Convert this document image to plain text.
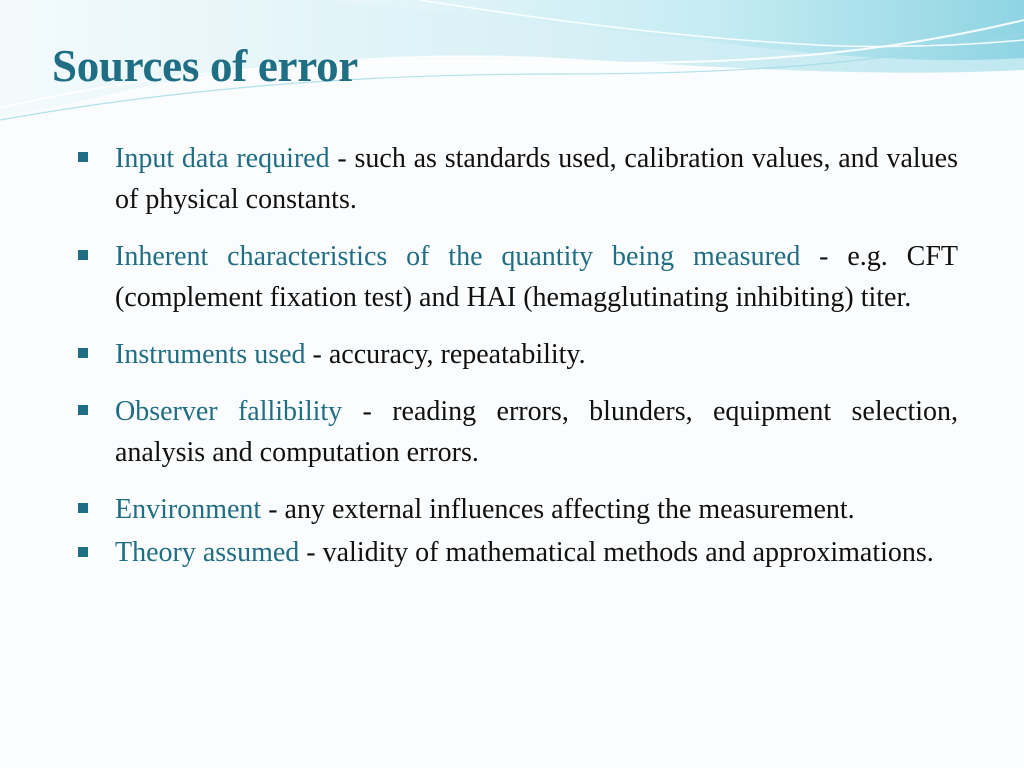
Sources of error
Input data required - such as standards used, calibration values, and values of physical constants.
Inherent characteristics of the quantity being measured - e.g. CFT (complement fixation test) and HAI (hemagglutinating inhibiting) titer.
Instruments used - accuracy, repeatability.
Observer fallibility - reading errors, blunders, equipment selection, analysis and computation errors.
Environment - any external influences affecting the measurement.
Theory assumed - validity of mathematical methods and approximations.
